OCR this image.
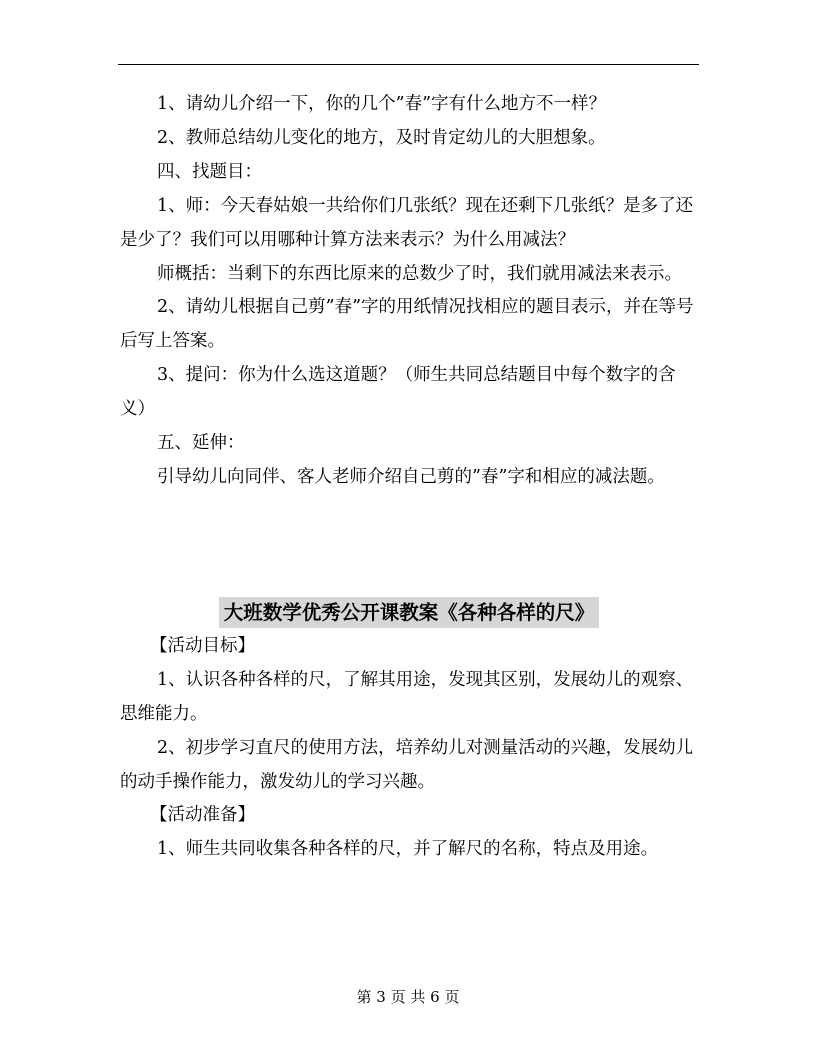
1、请幼儿介绍一下，你的几个”春”字有什么地方不一样？

2、教师总结幼儿变化的地方，及时肯定幼儿的大胆想象。

四、找题目：

1、师：今天春姑娘一共给你们几张纸？现在还剩下几张纸？是多了还是少了？我们可以用哪种计算方法来表示？为什么用减法？

师概括：当剩下的东西比原来的总数少了时，我们就用减法来表示。

2、请幼儿根据自己剪”春”字的用纸情况找相应的题目表示，并在等号后写上答案。

3、提问：你为什么选这道题？（师生共同总结题目中每个数字的含义）

五、延伸：

引导幼儿向同伴、客人老师介绍自己剪的”春”字和相应的减法题。

大班数学优秀公开课教案《各种各样的尺》

【活动目标】

1、认识各种各样的尺，了解其用途，发现其区别，发展幼儿的观察、思维能力。

2、初步学习直尺的使用方法，培养幼儿对测量活动的兴趣，发展幼儿的动手操作能力，激发幼儿的学习兴趣。

【活动准备】

1、师生共同收集各种各样的尺，并了解尺的名称，特点及用途。

第 3 页 共 6 页
